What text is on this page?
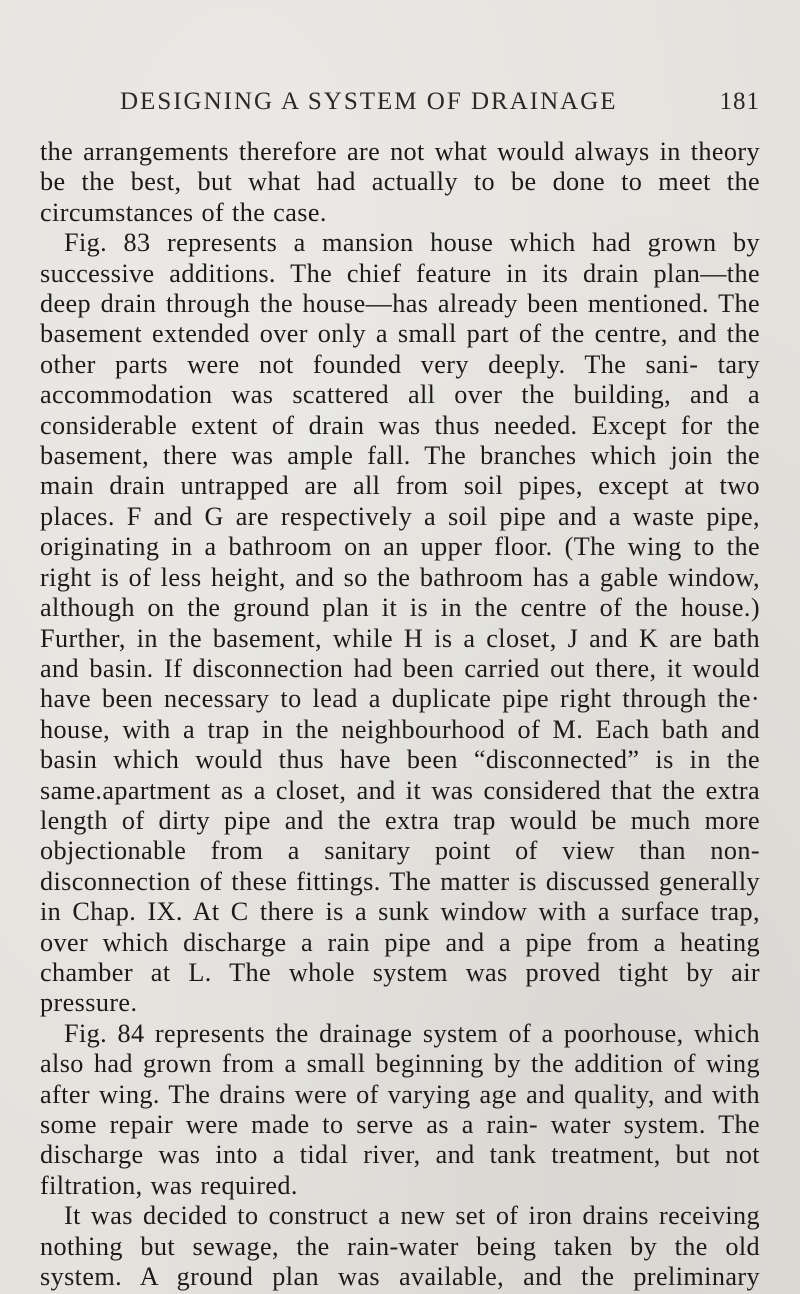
DESIGNING A SYSTEM OF DRAINAGE	181

the arrangements therefore are not what would always in theory be the best, but what had actually to be done to meet the circumstances of the case.

Fig. 83 represents a mansion house which had grown by successive additions. The chief feature in its drain plan—the deep drain through the house—has already been mentioned. The basement extended over only a small part of the centre, and the other parts were not founded very deeply. The sani- tary accommodation was scattered all over the building, and a considerable extent of drain was thus needed. Except for the basement, there was ample fall. The branches which join the main drain untrapped are all from soil pipes, except at two places. F and G are respectively a soil pipe and a waste pipe, originating in a bathroom on an upper floor. (The wing to the right is of less height, and so the bathroom has a gable window, although on the ground plan it is in the centre of the house.) Further, in the basement, while H is a closet, J and K are bath and basin. If disconnection had been carried out there, it would have been necessary to lead a duplicate pipe right through the· house, with a trap in the neighbourhood of M. Each bath and basin which would thus have been “disconnected” is in the same.apartment as a closet, and it was considered that the extra length of dirty pipe and the extra trap would be much more objectionable from a sanitary point of view than non-disconnection of these fittings. The matter is discussed generally in Chap. IX. At C there is a sunk window with a surface trap, over which discharge a rain pipe and a pipe from a heating chamber at L. The whole system was proved tight by air pressure.

Fig. 84 represents the drainage system of a poorhouse, which also had grown from a small beginning by the addition of wing after wing. The drains were of varying age and quality, and with some repair were made to serve as a rain- water system. The discharge was into a tidal river, and tank treatment, but not filtration, was required.

It was decided to construct a new set of iron drains receiving nothing but sewage, the rain-water being taken by the old system. A ground plan was available, and the preliminary
